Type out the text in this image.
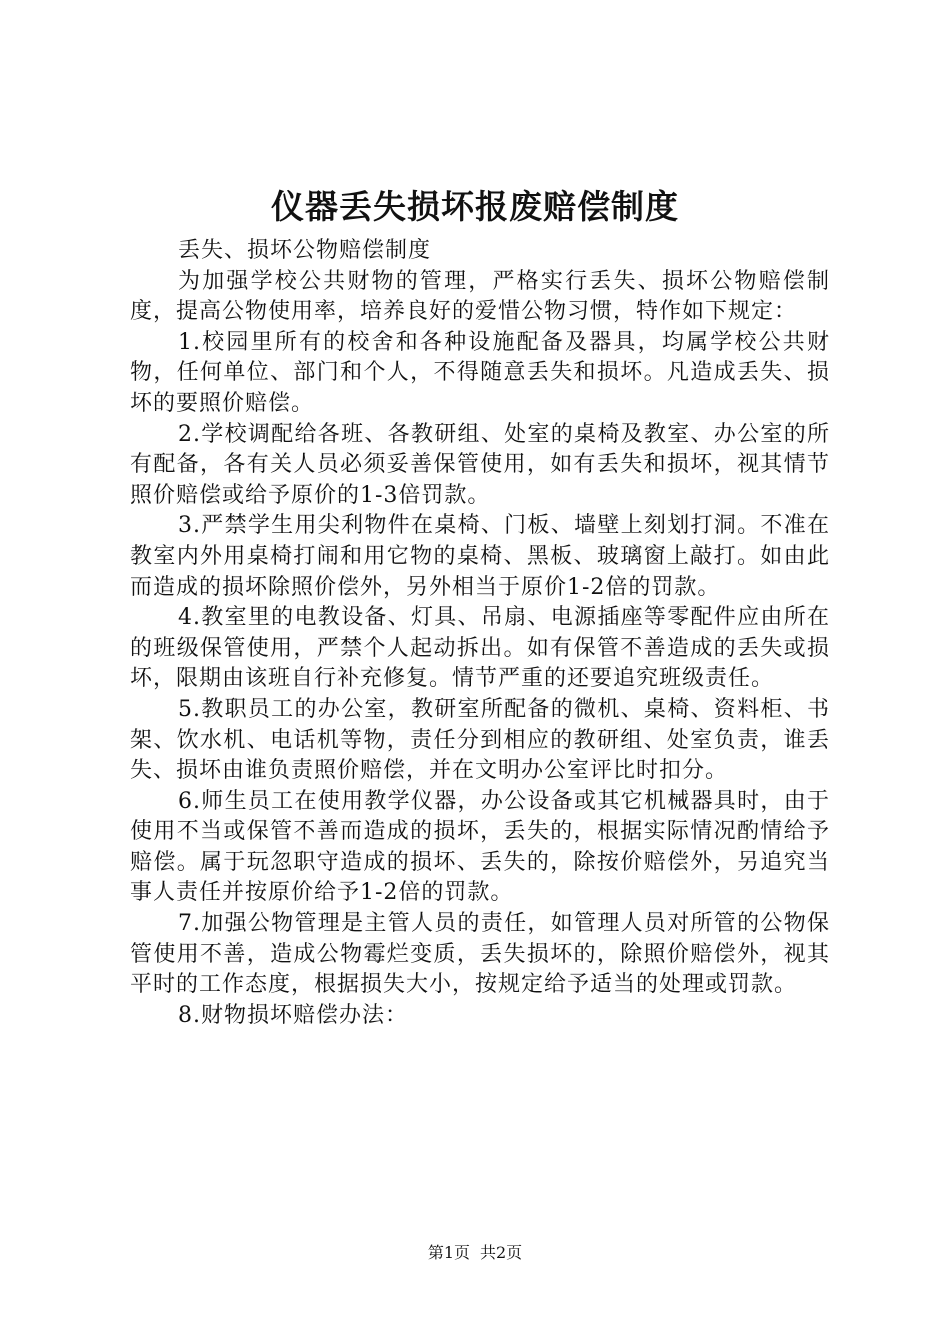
仪器丢失损坏报废赔偿制度

丢失、损坏公物赔偿制度

为加强学校公共财物的管理，严格实行丢失、损坏公物赔偿制度，提高公物使用率，培养良好的爱惜公物习惯，特作如下规定：

1.校园里所有的校舍和各种设施配备及器具，均属学校公共财物，任何单位、部门和个人，不得随意丢失和损坏。凡造成丢失、损坏的要照价赔偿。

2.学校调配给各班、各教研组、处室的桌椅及教室、办公室的所有配备，各有关人员必须妥善保管使用，如有丢失和损坏，视其情节照价赔偿或给予原价的1-3倍罚款。

3.严禁学生用尖利物件在桌椅、门板、墙壁上刻划打洞。不准在教室内外用桌椅打闹和用它物的桌椅、黑板、玻璃窗上敲打。如由此而造成的损坏除照价偿外，另外相当于原价1-2倍的罚款。

4.教室里的电教设备、灯具、吊扇、电源插座等零配件应由所在的班级保管使用，严禁个人起动拆出。如有保管不善造成的丢失或损坏，限期由该班自行补充修复。情节严重的还要追究班级责任。

5.教职员工的办公室，教研室所配备的微机、桌椅、资料柜、书架、饮水机、电话机等物，责任分到相应的教研组、处室负责，谁丢失、损坏由谁负责照价赔偿，并在文明办公室评比时扣分。

6.师生员工在使用教学仪器，办公设备或其它机械器具时，由于使用不当或保管不善而造成的损坏，丢失的，根据实际情况酌情给予赔偿。属于玩忽职守造成的损坏、丢失的，除按价赔偿外，另追究当事人责任并按原价给予1-2倍的罚款。

7.加强公物管理是主管人员的责任，如管理人员对所管的公物保管使用不善，造成公物霉烂变质，丢失损坏的，除照价赔偿外，视其平时的工作态度，根据损失大小，按规定给予适当的处理或罚款。

8.财物损坏赔偿办法：

第1页 共2页
